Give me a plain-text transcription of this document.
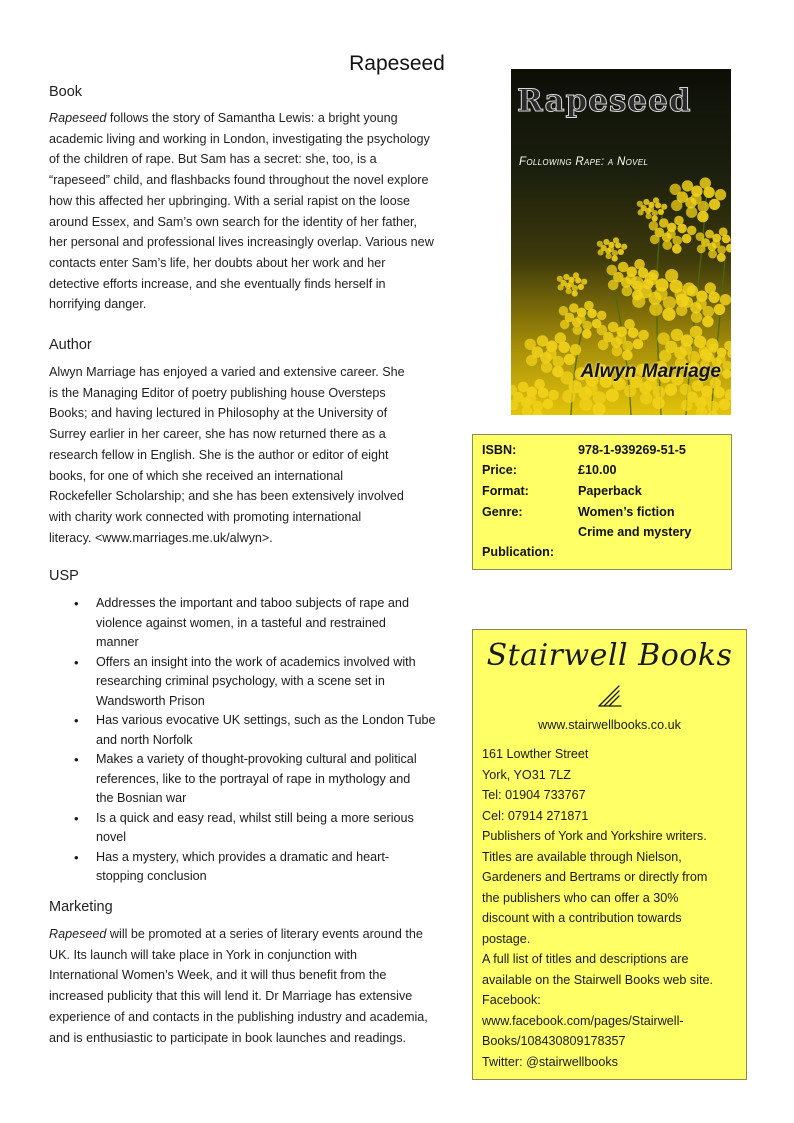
Rapeseed
Book
Rapeseed follows the story of Samantha Lewis: a bright young
academic living and working in London, investigating the psychology
of the children of rape. But Sam has a secret: she, too, is a
“rapeseed” child, and flashbacks found throughout the novel explore
how this affected her upbringing. With a serial rapist on the loose
around Essex, and Sam’s own search for the identity of her father,
her personal and professional lives increasingly overlap. Various new
contacts enter Sam’s life, her doubts about her work and her
detective efforts increase, and she eventually finds herself in
horrifying danger.
Author
Alwyn Marriage has enjoyed a varied and extensive career. She
is the Managing Editor of poetry publishing house Oversteps
Books; and having lectured in Philosophy at the University of
Surrey earlier in her career, she has now returned there as a
research fellow in English. She is the author or editor of eight
books, for one of which she received an international
Rockefeller Scholarship; and she has been extensively involved
with charity work connected with promoting international
literacy. <www.marriages.me.uk/alwyn>.
USP
• Addresses the important and taboo subjects of rape and
violence against women, in a tasteful and restrained
manner
• Offers an insight into the work of academics involved with
researching criminal psychology, with a scene set in
Wandsworth Prison
• Has various evocative UK settings, such as the London Tube
and north Norfolk
• Makes a variety of thought-provoking cultural and political
references, like to the portrayal of rape in mythology and
the Bosnian war
• Is a quick and easy read, whilst still being a more serious
novel
• Has a mystery, which provides a dramatic and heart-
stopping conclusion
Marketing
Rapeseed will be promoted at a series of literary events around the
UK. Its launch will take place in York in conjunction with
International Women’s Week, and it will thus benefit from the
increased publicity that this will lend it. Dr Marriage has extensive
experience of and contacts in the publishing industry and academia,
and is enthusiastic to participate in book launches and readings.
Rapeseed
Following Rape: a Novel
Alwyn Marriage
ISBN:	978-1-939269-51-5
Price:	£10.00
Format:	Paperback
Genre:	Women’s fiction
Crime and mystery
Publication:
Stairwell Books
www.stairwellbooks.co.uk
161 Lowther Street
York, YO31 7LZ
Tel: 01904 733767
Cel: 07914 271871
Publishers of York and Yorkshire writers.
Titles are available through Nielson,
Gardeners and Bertrams or directly from
the publishers who can offer a 30%
discount with a contribution towards
postage.
A full list of titles and descriptions are
available on the Stairwell Books web site.
Facebook:
www.facebook.com/pages/Stairwell-
Books/108430809178357
Twitter: @stairwellbooks
